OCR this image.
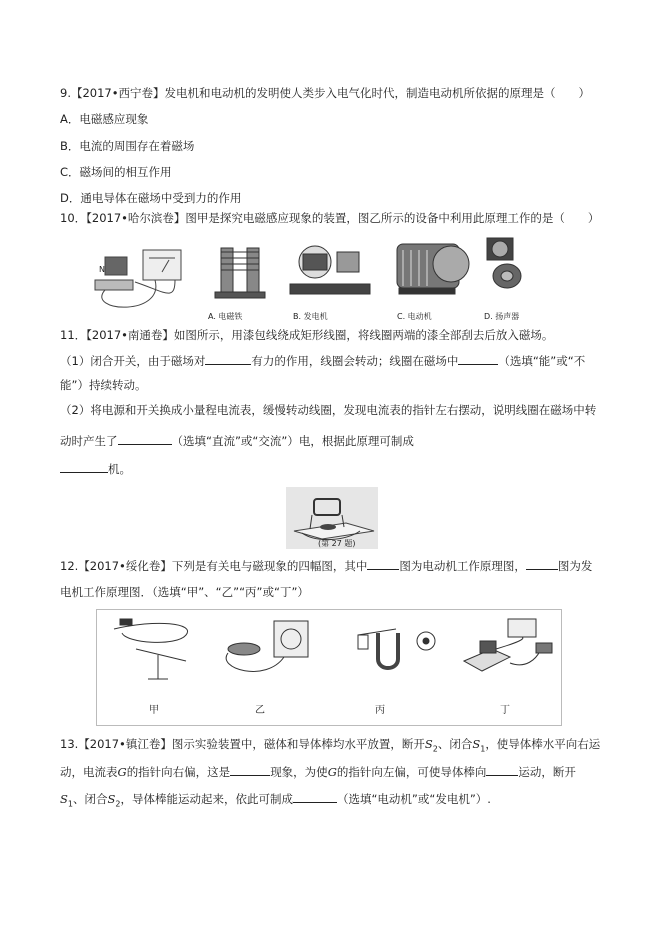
9.【2017•西宁卷】发电机和电动机的发明使人类步入电气化时代，制造电动机所依据的原理是（　　）
A．电磁感应现象
B．电流的周围存在着磁场
C．磁场间的相互作用
D．通电导体在磁场中受到力的作用
10．【2017•哈尔滨卷】图甲是探究电磁感应现象的装置，图乙所示的设备中利用此原理工作的是（　　）
N
A. 电磁铁	B. 发电机	C. 电动机	D. 扬声器
11．【2017•南通卷】如图所示，用漆包线绕成矩形线圈，将线圈两端的漆全部刮去后放入磁场。
（1）闭合开关，由于磁场对	有力的作用，线圈会转动；线圈在磁场中	（选填“能”或“不
能”）持续转动。
（2）将电源和开关换成小量程电流表，缓慢转动线圈，发现电流表的指针左右摆动，说明线圈在磁场中转
动时产生了	（选填“直流”或“交流”）电，根据此原理可制成
机。
(第 27 题)
12.【2017•绥化卷】下列是有关电与磁现象的四幅图，其中	图为电动机工作原理图，	图为发
电机工作原理图．（选填“甲”、“乙”“丙”或“丁”）
甲	乙	丙	丁
13.【2017•镇江卷】图示实验装置中，磁体和导体棒均水平放置，断开$S_2$、闭合$S_1$，使导体棒水平向右运
动，电流表G的指针向右偏，这是	现象，为使G的指针向左偏，可使导体棒向	运动，断开
$S_1$、闭合$S_2$，导体棒能运动起来，依此可制成	（选填“电动机”或“发电机”）.
